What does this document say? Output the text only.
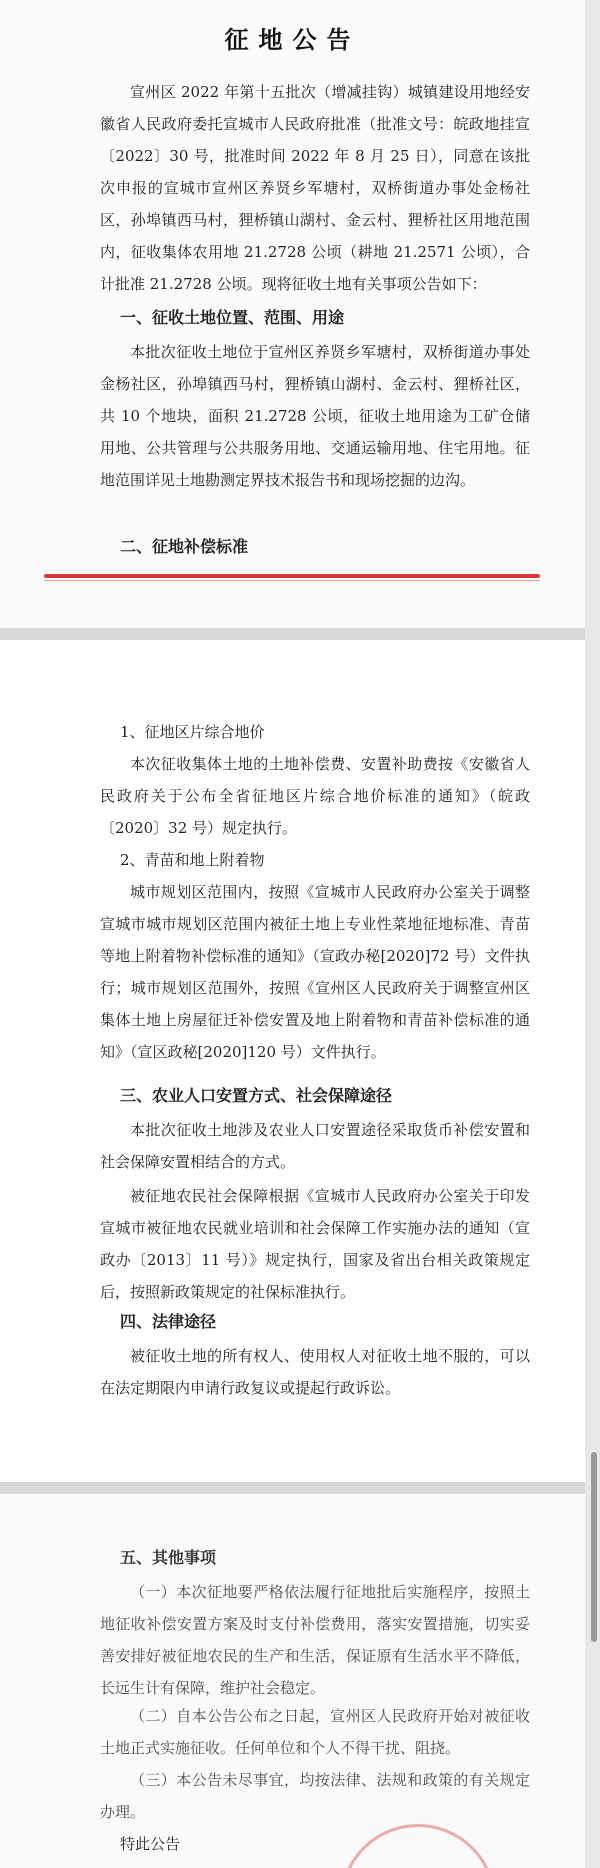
征地公告

宣州区 2022 年第十五批次（增减挂钩）城镇建设用地经安徽省人民政府委托宣城市人民政府批准（批准文号：皖政地挂宣〔2022〕30 号，批准时间 2022 年 8 月 25 日），同意在该批次申报的宣城市宣州区养贤乡军塘村，双桥街道办事处金杨社区，孙埠镇西马村，狸桥镇山湖村、金云村、狸桥社区用地范围内，征收集体农用地 21.2728 公顷（耕地 21.2571 公顷），合计批准 21.2728 公顷。现将征收土地有关事项公告如下：

一、征收土地位置、范围、用途

本批次征收土地位于宣州区养贤乡军塘村，双桥街道办事处金杨社区，孙埠镇西马村，狸桥镇山湖村、金云村、狸桥社区，共 10 个地块，面积 21.2728 公顷，征收土地用途为工矿仓储用地、公共管理与公共服务用地、交通运输用地、住宅用地。征地范围详见土地勘测定界技术报告书和现场挖掘的边沟。

二、征地补偿标准
1、征地区片综合地价

本次征收集体土地的土地补偿费、安置补助费按《安徽省人民政府关于公布全省征地区片综合地价标准的通知》（皖政〔2020〕32 号）规定执行。

2、青苗和地上附着物

城市规划区范围内，按照《宣城市人民政府办公室关于调整宣城市城市规划区范围内被征土地上专业性菜地征地标准、青苗等地上附着物补偿标准的通知》（宣政办秘[2020]72 号）文件执行；城市规划区范围外，按照《宣州区人民政府关于调整宣州区集体土地上房屋征迁补偿安置及地上附着物和青苗补偿标准的通知》（宣区政秘[2020]120 号）文件执行。

三、农业人口安置方式、社会保障途径

本批次征收土地涉及农业人口安置途径采取货币补偿安置和社会保障安置相结合的方式。

被征地农民社会保障根据《宣城市人民政府办公室关于印发宣城市被征地农民就业培训和社会保障工作实施办法的通知（宣政办〔2013〕11 号）》规定执行，国家及省出台相关政策规定后，按照新政策规定的社保标准执行。

四、法律途径

被征收土地的所有权人、使用权人对征收土地不服的，可以在法定期限内申请行政复议或提起行政诉讼。

五、其他事项

（一）本次征地要严格依法履行征地批后实施程序，按照土地征收补偿安置方案及时支付补偿费用，落实安置措施，切实妥善安排好被征地农民的生产和生活，保证原有生活水平不降低，长远生计有保障，维护社会稳定。

（二）自本公告公布之日起，宣州区人民政府开始对被征收土地正式实施征收。任何单位和个人不得干扰、阻挠。

（三）本公告未尽事宜，均按法律、法规和政策的有关规定办理。

特此公告
